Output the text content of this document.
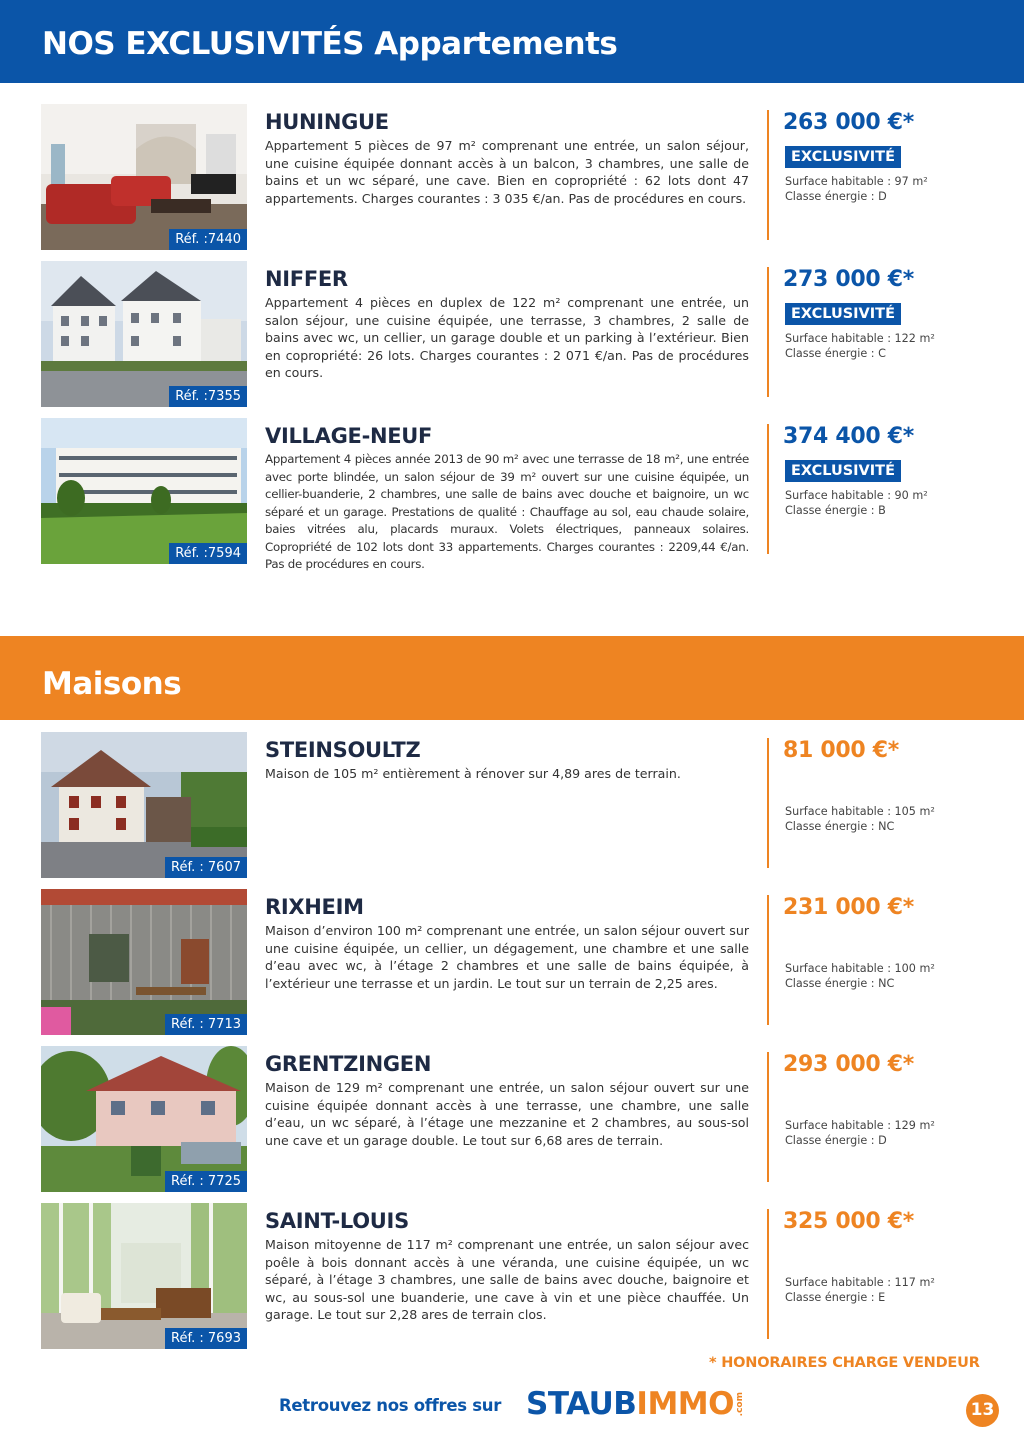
NOS EXCLUSIVITÉS Appartements
Réf. :7440
HUNINGUE
Appartement 5 pièces de 97 m² comprenant une entrée, un salon séjour, une cuisine équipée donnant accès à un balcon, 3 chambres, une salle de bains et un wc séparé, une cave. Bien en copropriété : 62 lots dont 47 appartements. Charges courantes : 3 035 €/an. Pas de procédures en cours.
263 000 €*
EXCLUSIVITÉ
Surface habitable : 97 m²
Classe énergie : D
Réf. :7355
NIFFER
Appartement 4 pièces en duplex de 122 m² comprenant une entrée, un salon séjour, une cuisine équipée, une terrasse, 3 chambres, 2 salle de bains avec wc, un cellier, un garage double et un parking à l’extérieur. Bien en copropriété: 26 lots. Charges courantes : 2 071 €/an. Pas de procédures en cours.
273 000 €*
EXCLUSIVITÉ
Surface habitable : 122 m²
Classe énergie : C
Réf. :7594
VILLAGE-NEUF
Appartement 4 pièces année 2013 de 90 m² avec une terrasse de 18 m², une entrée avec porte blindée, un salon séjour de 39 m² ouvert sur une cuisine équipée, un cellier-buanderie, 2 chambres, une salle de bains avec douche et baignoire, un wc séparé et un garage. Prestations de qualité : Chauffage au sol, eau chaude solaire, baies vitrées alu, placards muraux. Volets électriques, panneaux solaires. Copropriété de 102 lots dont 33 appartements. Charges courantes : 2209,44 €/an. Pas de procédures en cours.
374 400 €*
EXCLUSIVITÉ
Surface habitable : 90 m²
Classe énergie : B
Maisons
Réf. : 7607
STEINSOULTZ
Maison de 105 m² entièrement à rénover sur 4,89 ares de terrain.
81 000 €*
Surface habitable : 105 m²
Classe énergie : NC
Réf. : 7713
RIXHEIM
Maison d’environ 100 m² comprenant une entrée, un salon séjour ouvert sur une cuisine équipée, un cellier, un dégagement, une chambre et une salle d’eau avec wc, à l’étage 2 chambres et une salle de bains équipée, à l’extérieur une terrasse et un jardin. Le tout sur un terrain de 2,25 ares.
231 000 €*
Surface habitable : 100 m²
Classe énergie : NC
Réf. : 7725
GRENTZINGEN
Maison de 129 m² comprenant une entrée, un salon séjour ouvert sur une cuisine équipée donnant accès à une terrasse, une chambre, une salle d’eau, un wc séparé, à l’étage une mezzanine et 2 chambres, au sous-sol une cave et un garage double. Le tout sur 6,68 ares de terrain.
293 000 €*
Surface habitable : 129 m²
Classe énergie : D
Réf. : 7693
SAINT-LOUIS
Maison mitoyenne de 117 m² comprenant une entrée, un salon séjour avec poêle à bois donnant accès à une véranda, une cuisine équipée, un wc séparé, à l’étage 3 chambres, une salle de bains avec douche, baignoire et wc, au sous-sol une buanderie, une cave à vin et une pièce chauffée. Un garage. Le tout sur 2,28 ares de terrain clos.
325 000 €*
Surface habitable : 117 m²
Classe énergie : E
* HONORAIRES CHARGE VENDEUR
Retrouvez nos offres sur STAUBIMMO .com	13
